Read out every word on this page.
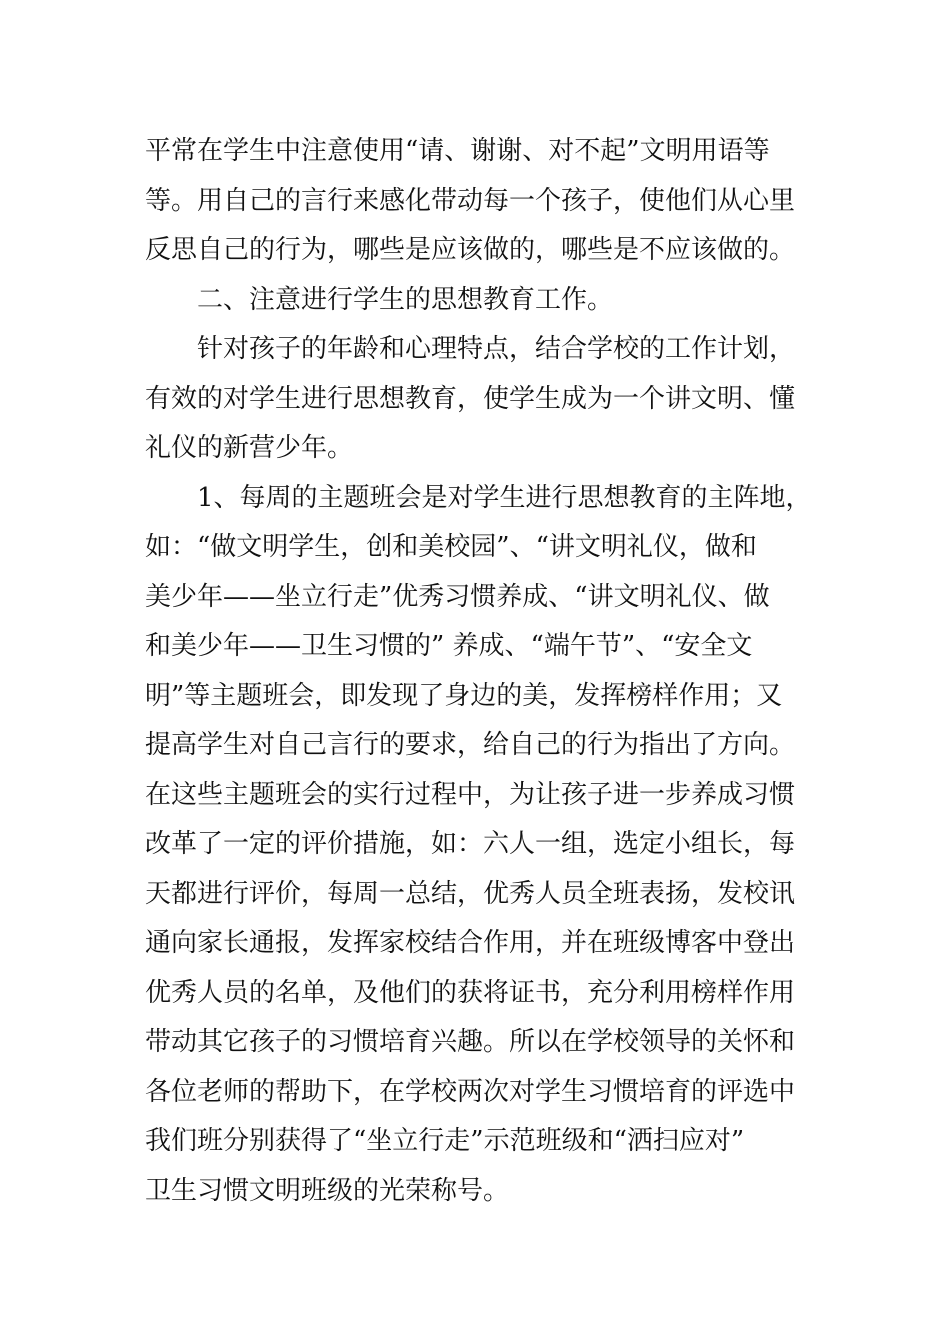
平常在学生中注意使用“请、谢谢、对不起”文明用语等
等。用自己的言行来感化带动每一个孩子，使他们从心里
反思自己的行为，哪些是应该做的，哪些是不应该做的。
二、注意进行学生的思想教育工作。
针对孩子的年龄和心理特点，结合学校的工作计划，
有效的对学生进行思想教育，使学生成为一个讲文明、懂
礼仪的新营少年。
1、每周的主题班会是对学生进行思想教育的主阵地，
如：“做文明学生，创和美校园”、“讲文明礼仪，做和
美少年——坐立行走”优秀习惯养成、“讲文明礼仪、做
和美少年——卫生习惯的” 养成、“端午节”、“安全文
明”等主题班会，即发现了身边的美，发挥榜样作用；又
提高学生对自己言行的要求，给自己的行为指出了方向。
在这些主题班会的实行过程中，为让孩子进一步养成习惯
改革了一定的评价措施，如：六人一组，选定小组长，每
天都进行评价，每周一总结，优秀人员全班表扬，发校讯
通向家长通报，发挥家校结合作用，并在班级博客中登出
优秀人员的名单，及他们的获将证书，充分利用榜样作用
带动其它孩子的习惯培育兴趣。所以在学校领导的关怀和
各位老师的帮助下，在学校两次对学生习惯培育的评选中
我们班分别获得了“坐立行走”示范班级和“洒扫应对”
卫生习惯文明班级的光荣称号。
